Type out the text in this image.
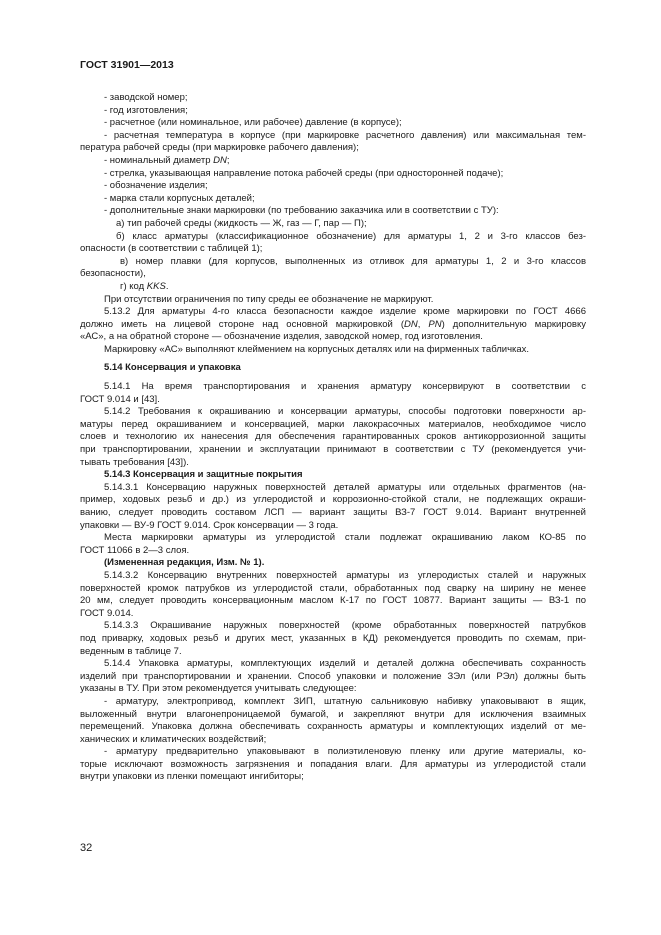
ГОСТ 31901—2013
- заводской номер;
- год изготовления;
- расчетное (или номинальное, или рабочее) давление (в корпусе);
- расчетная температура в корпусе (при маркировке расчетного давления) или максимальная тем-
пература рабочей среды (при маркировке рабочего давления);
- номинальный диаметр DN;
- стрелка, указывающая направление потока рабочей среды (при односторонней подаче);
- обозначение изделия;
- марка стали корпусных деталей;
- дополнительные знаки маркировки (по требованию заказчика или в соответствии с ТУ):
а) тип рабочей среды (жидкость — Ж, газ — Г, пар — П);
б) класс арматуры (классификационное обозначение) для арматуры 1, 2 и 3-го классов без-
опасности (в соответствии с таблицей 1);
в) номер плавки (для корпусов, выполненных из отливок для арматуры 1, 2 и 3-го классов
безопасности),
г) код KKS.
При отсутствии ограничения по типу среды ее обозначение не маркируют.
5.13.2 Для арматуры 4-го класса безопасности каждое изделие кроме маркировки по ГОСТ 4666
должно иметь на лицевой стороне над основной маркировкой (DN, PN) дополнительную маркировку
«АС», а на обратной стороне — обозначение изделия, заводской номер, год изготовления.
Маркировку «АС» выполняют клеймением на корпусных деталях или на фирменных табличках.
5.14 Консервация и упаковка
5.14.1 На время транспортирования и хранения арматуру консервируют в соответствии с
ГОСТ 9.014 и [43].
5.14.2 Требования к окрашиванию и консервации арматуры, способы подготовки поверхности ар-
матуры перед окрашиванием и консервацией, марки лакокрасочных материалов, необходимое число
слоев и технологию их нанесения для обеспечения гарантированных сроков антикоррозионной защиты
при транспортировании, хранении и эксплуатации принимают в соответствии с ТУ (рекомендуется учи-
тывать требования [43]).
5.14.3 Консервация и защитные покрытия
5.14.3.1 Консервацию наружных поверхностей деталей арматуры или отдельных фрагментов (на-
пример, ходовых резьб и др.) из углеродистой и коррозионно-стойкой стали, не подлежащих окраши-
ванию, следует проводить составом ЛСП — вариант защиты ВЗ-7 ГОСТ 9.014. Вариант внутренней
упаковки — ВУ-9 ГОСТ 9.014. Срок консервации — 3 года.
Места маркировки арматуры из углеродистой стали подлежат окрашиванию лаком КО-85 по
ГОСТ 11066 в 2—3 слоя.
(Измененная редакция, Изм. № 1).
5.14.3.2 Консервацию внутренних поверхностей арматуры из углеродистых сталей и наружных
поверхностей кромок патрубков из углеродистой стали, обработанных под сварку на ширину не менее
20 мм, следует проводить консервационным маслом К-17 по ГОСТ 10877. Вариант защиты — ВЗ-1 по
ГОСТ 9.014.
5.14.3.3 Окрашивание наружных поверхностей (кроме обработанных поверхностей патрубков
под приварку, ходовых резьб и других мест, указанных в КД) рекомендуется проводить по схемам, при-
веденным в таблице 7.
5.14.4 Упаковка арматуры, комплектующих изделий и деталей должна обеспечивать сохранность
изделий при транспортировании и хранении. Способ упаковки и положение ЗЭл (или РЭл) должны быть
указаны в ТУ. При этом рекомендуется учитывать следующее:
- арматуру, электропривод, комплект ЗИП, штатную сальниковую набивку упаковывают в ящик,
выложенный внутри влагонепроницаемой бумагой, и закрепляют внутри для исключения взаимных
перемещений. Упаковка должна обеспечивать сохранность арматуры и комплектующих изделий от ме-
ханических и климатических воздействий;
- арматуру предварительно упаковывают в полиэтиленовую пленку или другие материалы, ко-
торые исключают возможность загрязнения и попадания влаги. Для арматуры из углеродистой стали
внутри упаковки из пленки помещают ингибиторы;
32
